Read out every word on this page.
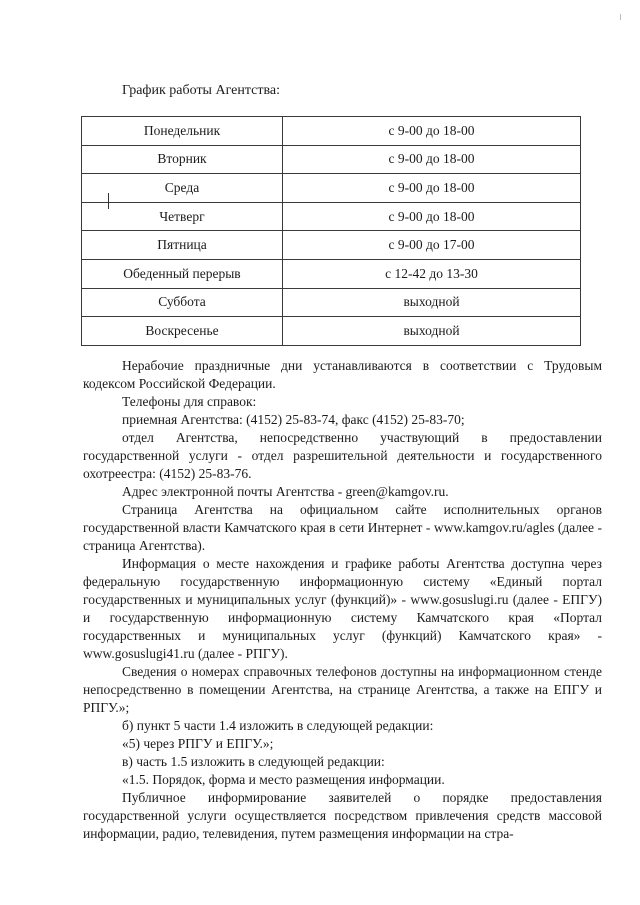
График работы Агентства:
Понедельник	с 9-00 до 18-00
Вторник	с 9-00 до 18-00
Среда	с 9-00 до 18-00
Четверг	с 9-00 до 18-00
Пятница	с 9-00 до 17-00
Обеденный перерыв	с 12-42 до 13-30
Суббота	выходной
Воскресенье	выходной

Нерабочие праздничные дни устанавливаются в соответствии с Трудовым кодексом Российской Федерации.

Телефоны для справок:

приемная Агентства: (4152) 25-83-74, факс (4152) 25-83-70;

отдел Агентства, непосредственно участвующий в предоставлении государственной услуги - отдел разрешительной деятельности и государственного охотреестра: (4152) 25-83-76.

Адрес электронной почты Агентства - green@kamgov.ru.

Страница Агентства на официальном сайте исполнительных органов государственной власти Камчатского края в сети Интернет - www.kamgov.ru/agles (далее - страница Агентства).

Информация о месте нахождения и графике работы Агентства доступна через федеральную государственную информационную систему «Единый портал государственных и муниципальных услуг (функций)» - www.gosuslugi.ru (далее - ЕПГУ) и государственную информационную систему Камчатского края «Портал государственных и муниципальных услуг (функций) Камчатского края» - www.gosuslugi41.ru (далее - РПГУ).

Сведения о номерах справочных телефонов доступны на информационном стенде непосредственно в помещении Агентства, на странице Агентства, а также на ЕПГУ и РПГУ.»;

б) пункт 5 части 1.4 изложить в следующей редакции:

«5) через РПГУ и ЕПГУ.»;

в) часть 1.5 изложить в следующей редакции:

«1.5. Порядок, форма и место размещения информации.

Публичное информирование заявителей о порядке предоставления государственной услуги осуществляется посредством привлечения средств массовой информации, радио, телевидения, путем размещения информации на стра-
